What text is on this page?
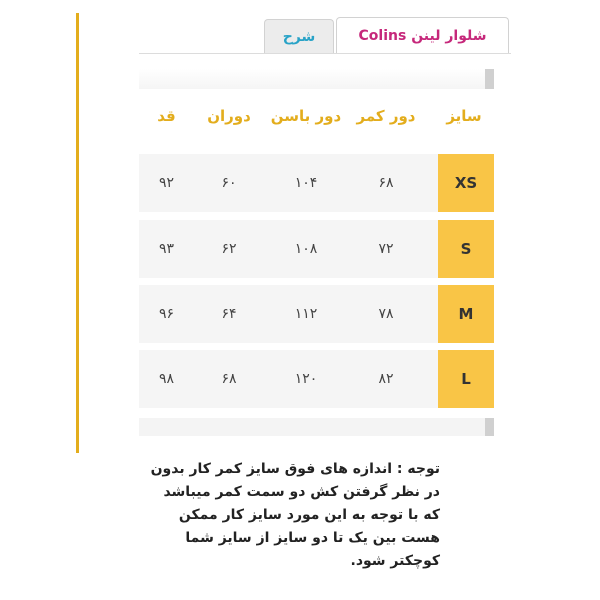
شرح	شلوار لینن Colins
سایز
دور کمر
دور باسن
دوران
قد
XS
۶۸
۱۰۴
۶۰
۹۲
S
۷۲
۱۰۸
۶۲
۹۳
M
۷۸
۱۱۲
۶۴
۹۶
L
۸۲
۱۲۰
۶۸
۹۸
توجه : اندازه های فوق سایز کمر کار بدون در نظر گرفتن کش دو سمت کمر میباشد که با توجه به این مورد سایز کار ممکن هست بین یک تا دو سایز از سایز شما کوچکتر شود.
